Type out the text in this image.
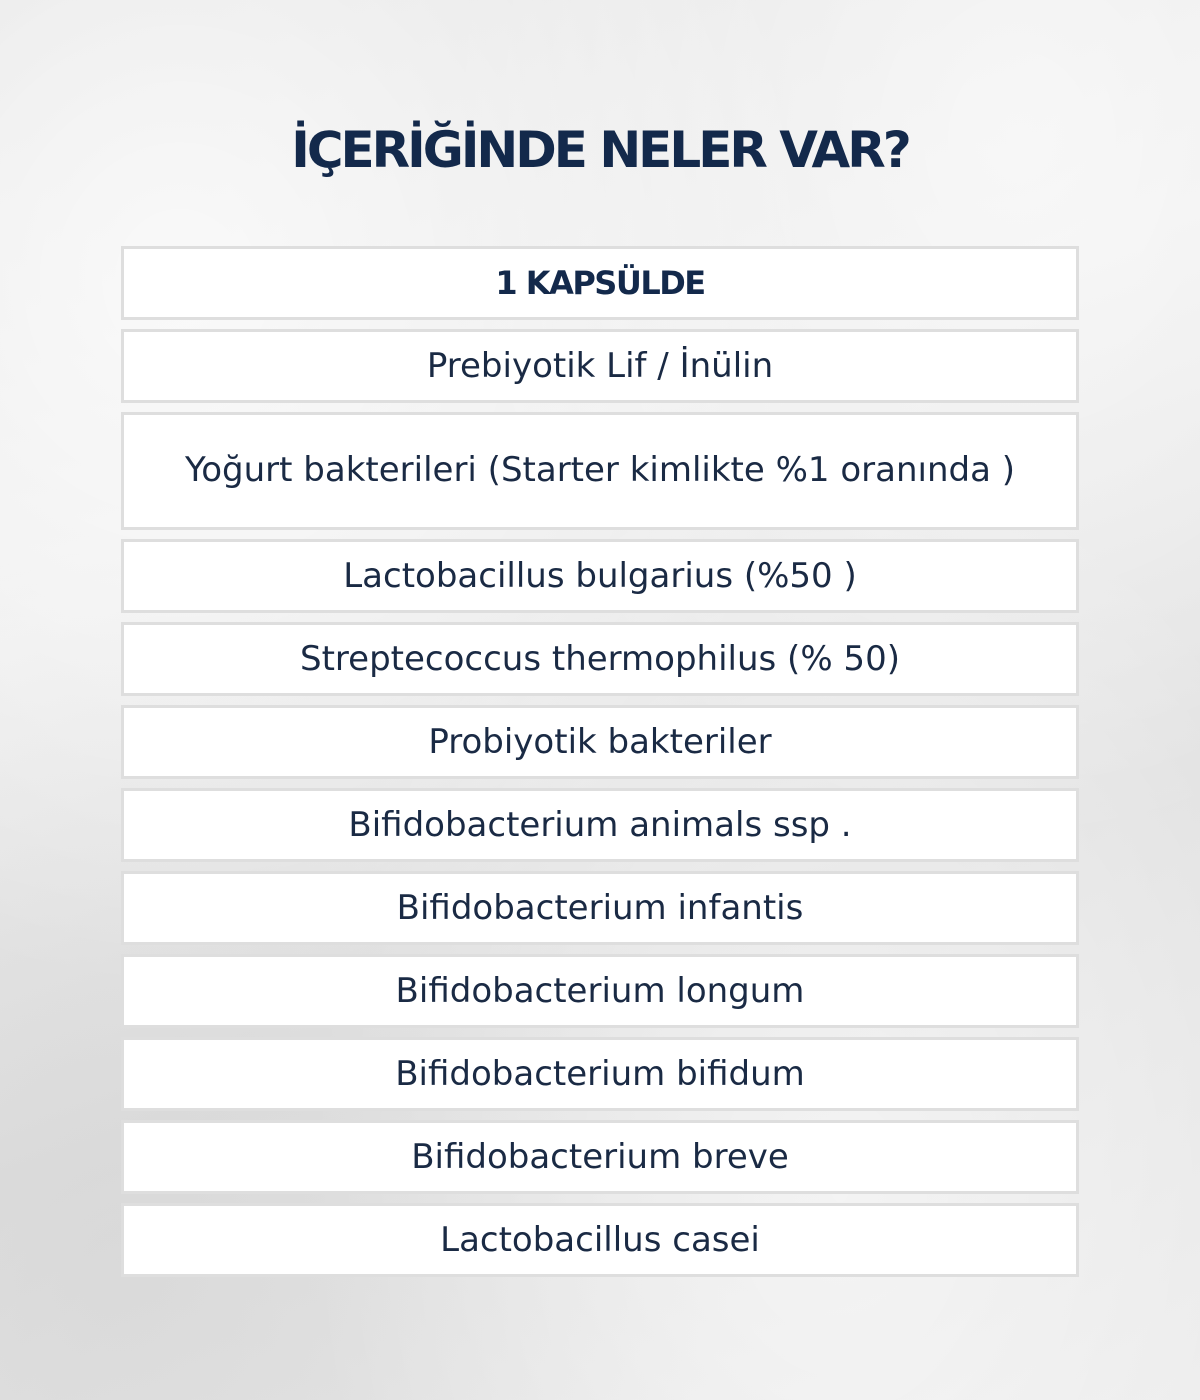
İÇERİĞİNDE NELER VAR?
1 KAPSÜLDE
Prebiyotik Lif / İnülin
Yoğurt bakterileri (Starter kimlikte %1 oranında )
Lactobacillus bulgarius (%50 )
Streptecoccus thermophilus (% 50)
Probiyotik bakteriler
Bifidobacterium animals ssp .
Bifidobacterium infantis
Bifidobacterium longum
Bifidobacterium bifidum
Bifidobacterium breve
Lactobacillus casei
